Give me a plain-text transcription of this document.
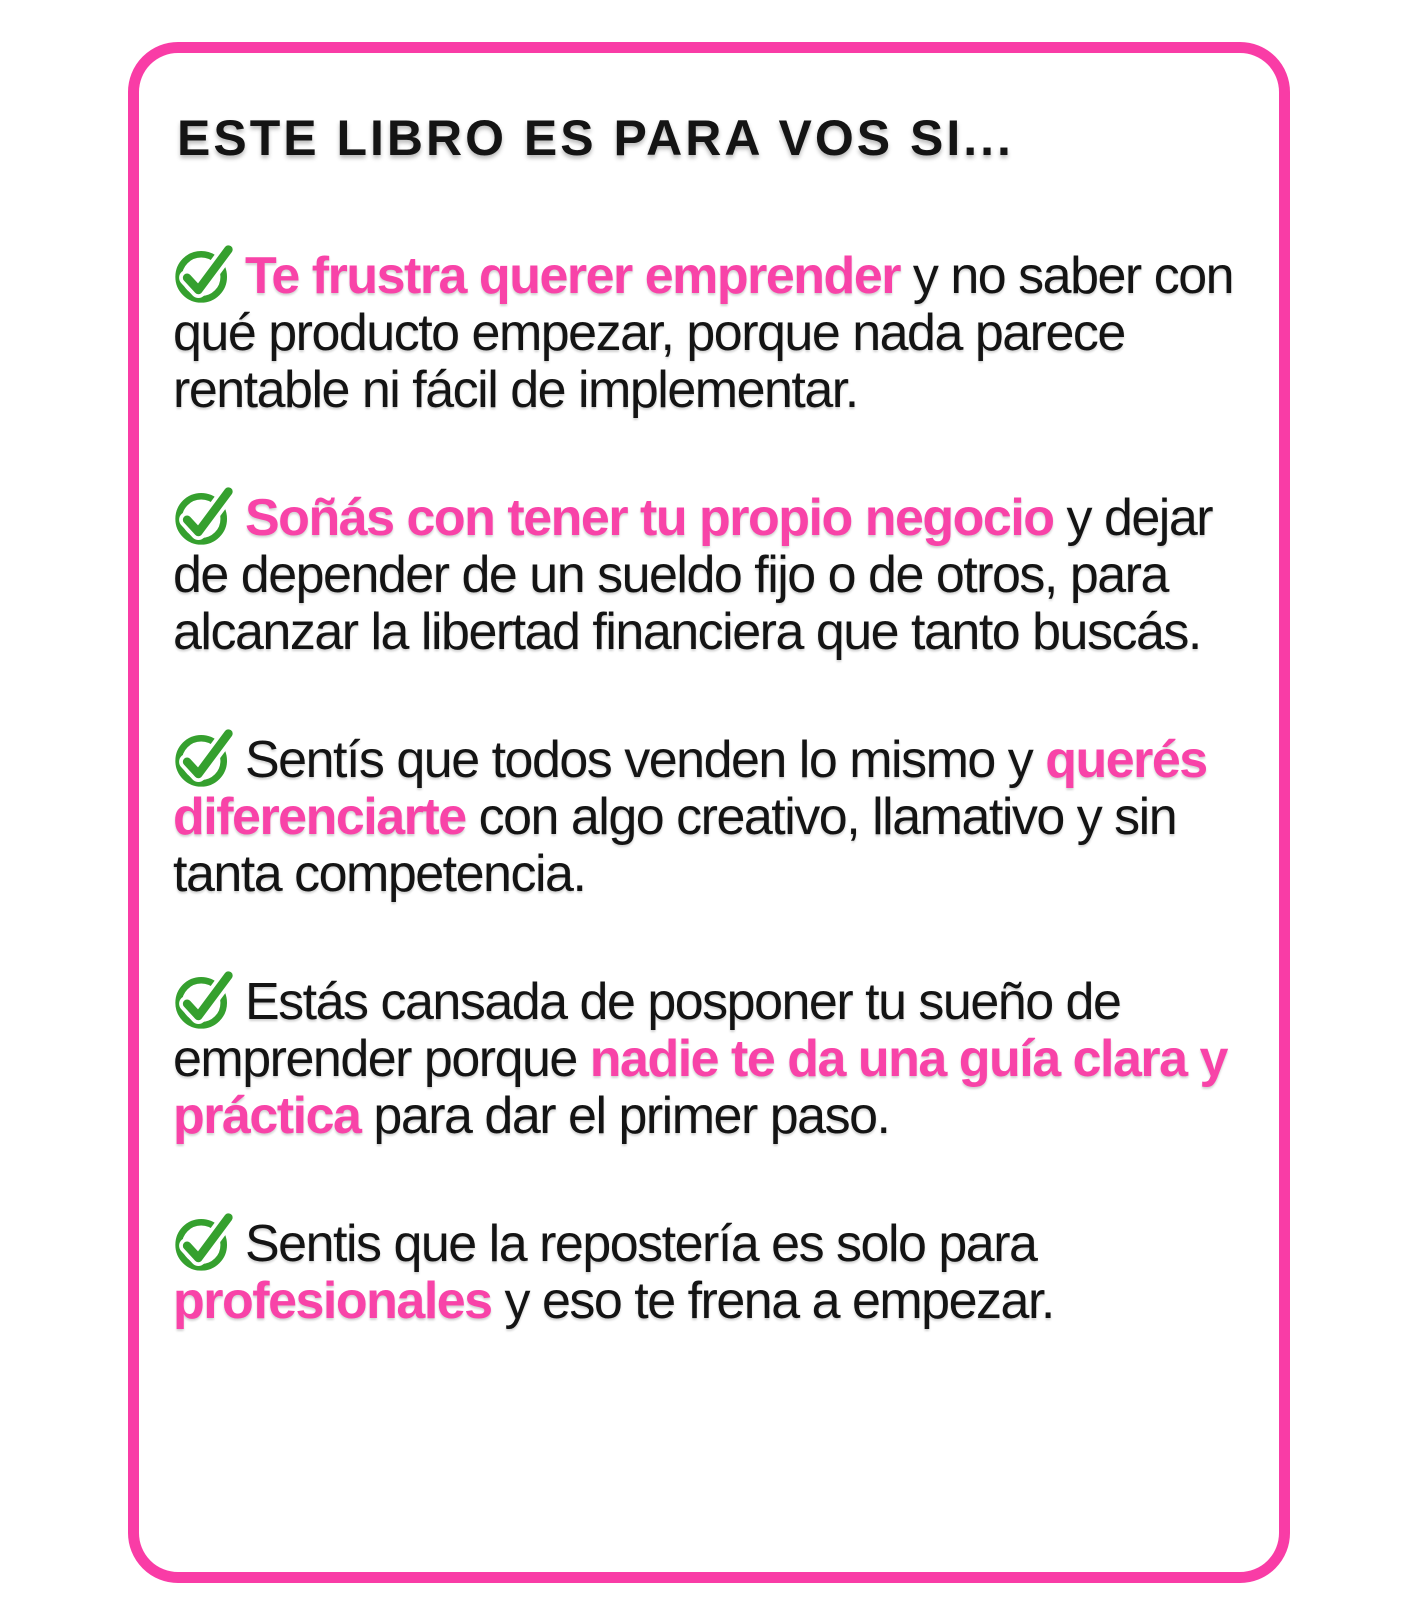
ESTE LIBRO ES PARA VOS SI...

Te frustra querer emprender y no saber con qué producto empezar, porque nada parece rentable ni fácil de implementar.

Soñás con tener tu propio negocio y dejar de depender de un sueldo fijo o de otros, para alcanzar la libertad financiera que tanto buscás.

Sentís que todos venden lo mismo y querés diferenciarte con algo creativo, llamativo y sin tanta competencia.

Estás cansada de posponer tu sueño de emprender porque nadie te da una guía clara y práctica para dar el primer paso.

Sentis que la repostería es solo para profesionales y eso te frena a empezar.
